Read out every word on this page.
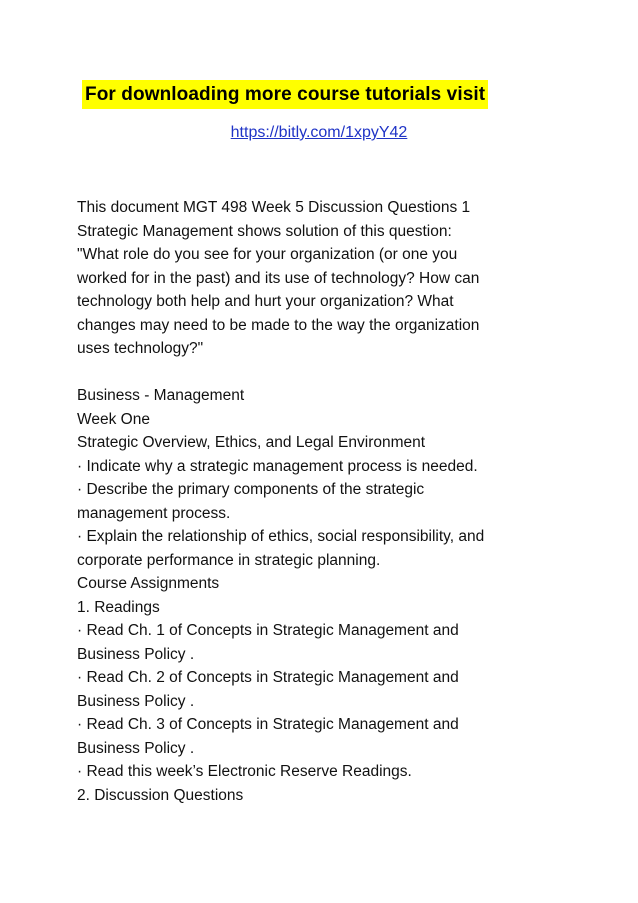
For downloading more course tutorials visit
https://bitly.com/1xpyY42
This document MGT 498 Week 5 Discussion Questions 1
Strategic Management shows solution of this question:
"What role do you see for your organization (or one you
worked for in the past) and its use of technology? How can
technology both help and hurt your organization? What
changes may need to be made to the way the organization
uses technology?"
Business - Management
Week One
Strategic Overview, Ethics, and Legal Environment
· Indicate why a strategic management process is needed.
· Describe the primary components of the strategic
management process.
· Explain the relationship of ethics, social responsibility, and
corporate performance in strategic planning.
Course Assignments
1. Readings
· Read Ch. 1 of Concepts in Strategic Management and
Business Policy .
· Read Ch. 2 of Concepts in Strategic Management and
Business Policy .
· Read Ch. 3 of Concepts in Strategic Management and
Business Policy .
· Read this week’s Electronic Reserve Readings.
2. Discussion Questions
